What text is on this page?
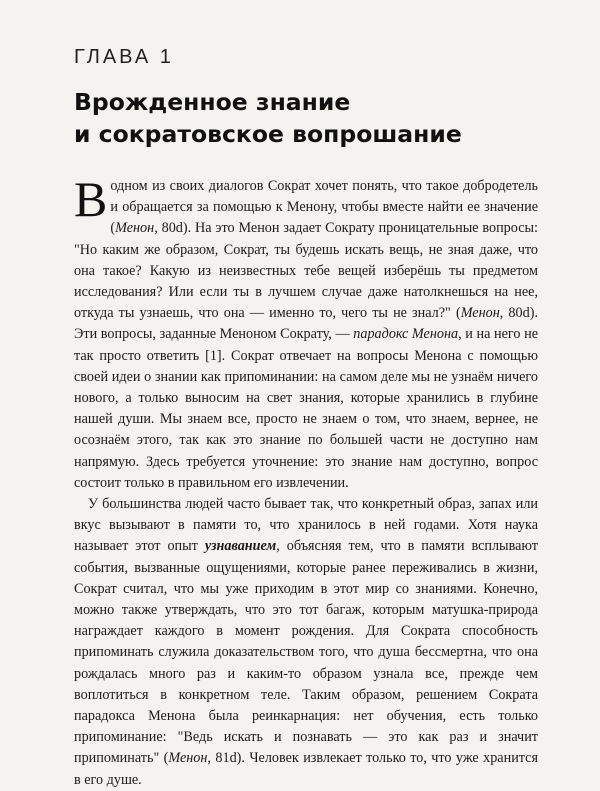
ГЛАВА 1
Врожденное знание
и сократовское вопрошание

В одном из своих диалогов Сократ хочет понять, что такое добродетель и обращается за помощью к Менону, чтобы вместе найти ее значение (Менон, 80d). На это Менон задает Сократу проницательные вопросы: "Но каким же образом, Сократ, ты будешь искать вещь, не зная даже, что она такое? Какую из неизвестных тебе вещей изберёшь ты предметом исследования? Или если ты в лучшем случае даже натолкнешься на нее, откуда ты узнаешь, что она — именно то, чего ты не знал?" (Менон, 80d). Эти вопросы, заданные Меноном Сократу, — парадокс Менона, и на него не так просто ответить [1]. Сократ отвечает на вопросы Менона с помощью своей идеи о знании как припоминании: на самом деле мы не узнаём ничего нового, а только выносим на свет знания, которые хранились в глубине нашей души. Мы знаем все, просто не знаем о том, что знаем, вернее, не осознаём этого, так как это знание по большей части не доступно нам напрямую. Здесь требуется уточнение: это знание нам доступно, вопрос состоит только в правильном его извлечении.

У большинства людей часто бывает так, что конкретный образ, запах или вкус вызывают в памяти то, что хранилось в ней годами. Хотя наука называет этот опыт узнаванием, объясняя тем, что в памяти всплывают события, вызванные ощущениями, которые ранее переживались в жизни, Сократ считал, что мы уже приходим в этот мир со знаниями. Конечно, можно также утверждать, что это тот багаж, которым матушка-природа награждает каждого в момент рождения. Для Сократа способность припоминать служила доказательством того, что душа бессмертна, что она рождалась много раз и каким-то образом узнала все, прежде чем воплотиться в конкретном теле. Таким образом, решением Сократа парадокса Менона была реинкарнация: нет обучения, есть только припоминание: "Ведь искать и познавать — это как раз и значит припоминать" (Менон, 81d). Человек извлекает только то, что уже хранится в его душе.
